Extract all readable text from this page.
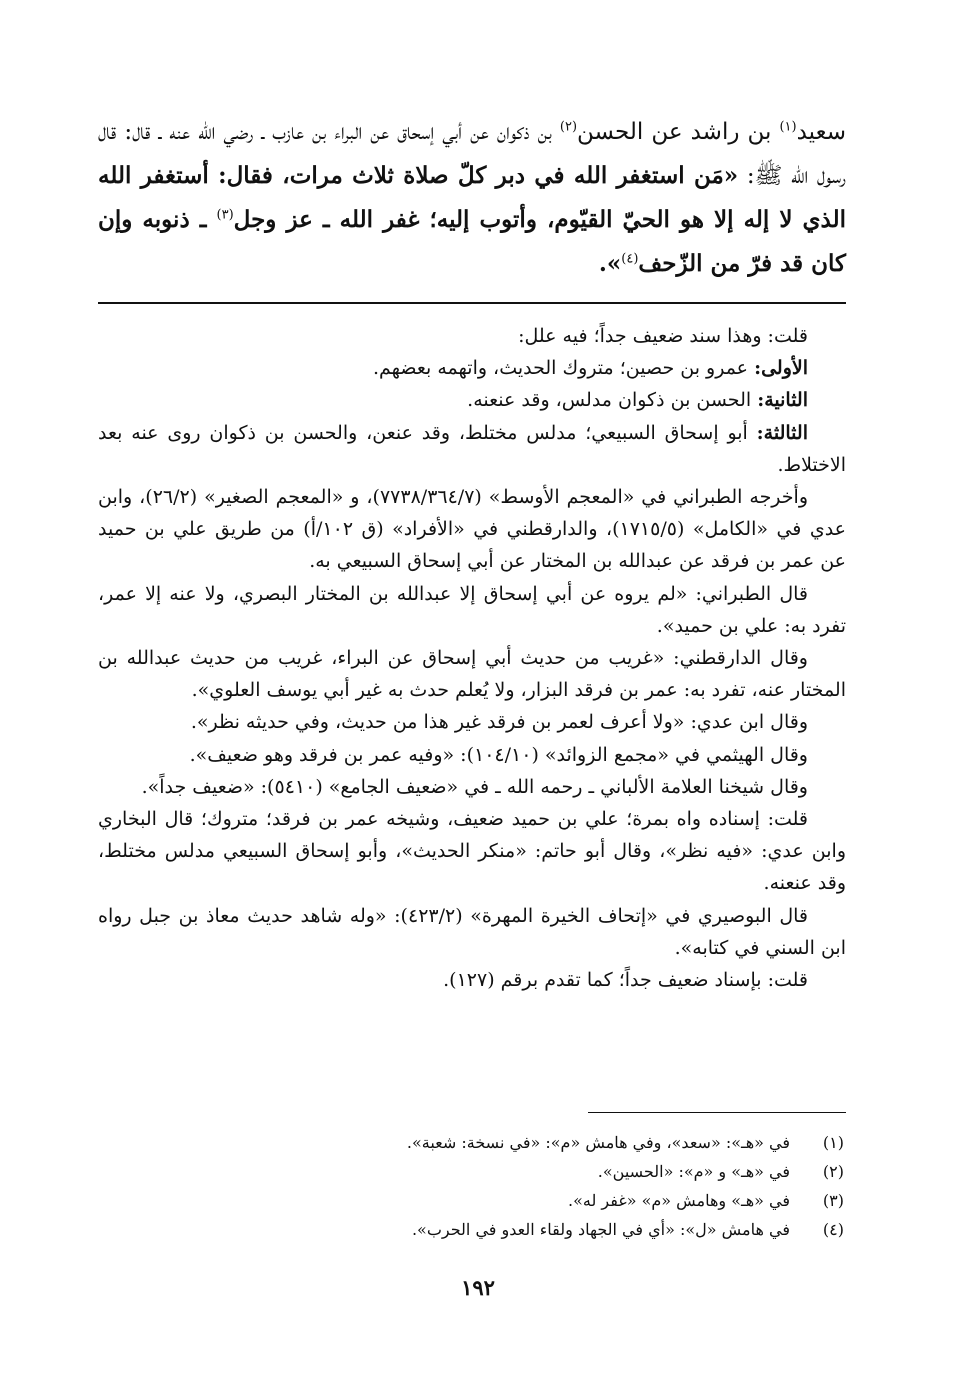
سعيد$^{(١)}$ بن راشد عن الحسن$^{(٢)}$ بن ذكوان عن أبي إسحاق عن البراء بن عازب ـ رضي الله عنه ـ قال: قال رسول الله ﷺ: «مَن استغفر الله في دبر كلّ صلاة ثلاث مرات، فقال: أستغفر الله الذي لا إله إلا هو الحيّ القيّوم، وأتوب إليه؛ غفر الله ـ عز وجل$^{(٣)}$ ـ ذنوبه وإن كان قد فرّ من الزّحف$^{(٤)}$».

قلت: وهذا سند ضعيف جداً؛ فيه علل:

الأولى: عمرو بن حصين؛ متروك الحديث، واتهمه بعضهم.

الثانية: الحسن بن ذكوان مدلس، وقد عنعنه.

الثالثة: أبو إسحاق السبيعي؛ مدلس مختلط، وقد عنعن، والحسن بن ذكوان روى عنه بعد الاختلاط.

وأخرجه الطبراني في «المعجم الأوسط» (٧٧٣٨/٣٦٤/٧)، و «المعجم الصغير» (٢٦/٢)، وابن عدي في «الكامل» (١٧١٥/٥)، والدارقطني في «الأفراد» (ق ١٠٢/أ) من طريق علي بن حميد عن عمر بن فرقد عن عبدالله بن المختار عن أبي إسحاق السبيعي به.

قال الطبراني: «لم يروه عن أبي إسحاق إلا عبدالله بن المختار البصري، ولا عنه إلا عمر، تفرد به: علي بن حميد».

وقال الدارقطني: «غريب من حديث أبي إسحاق عن البراء، غريب من حديث عبدالله بن المختار عنه، تفرد به: عمر بن فرقد البزار، ولا يُعلم حدث به غير أبي يوسف العلوي».

وقال ابن عدي: «ولا أعرف لعمر بن فرقد غير هذا من حديث، وفي حديثه نظر».

وقال الهيثمي في «مجمع الزوائد» (١٠٤/١٠): «وفيه عمر بن فرقد وهو ضعيف».

وقال شيخنا العلامة الألباني ـ رحمه الله ـ في «ضعيف الجامع» (٥٤١٠): «ضعيف جداً».

قلت: إسناده واه بمرة؛ علي بن حميد ضعيف، وشيخه عمر بن فرقد؛ متروك؛ قال البخاري وابن عدي: «فيه نظر»، وقال أبو حاتم: «منكر الحديث»، وأبو إسحاق السبيعي مدلس مختلط، وقد عنعنه.

قال البوصيري في «إتحاف الخيرة المهرة» (٤٢٣/٢): «وله شاهد حديث معاذ بن جبل رواه ابن السني في كتابه».

قلت: بإسناد ضعيف جداً؛ كما تقدم برقم (١٢٧).

(١)في «هـ»: «سعد»، وفي هامش «م»: «في نسخة: شعبة».
(٢)في «هـ» و «م»: «الحسين».
(٣)في «هـ» وهامش «م» «غفر له».
(٤)في هامش «ل»: «أي في الجهاد ولقاء العدو في الحرب».
١٩٢
